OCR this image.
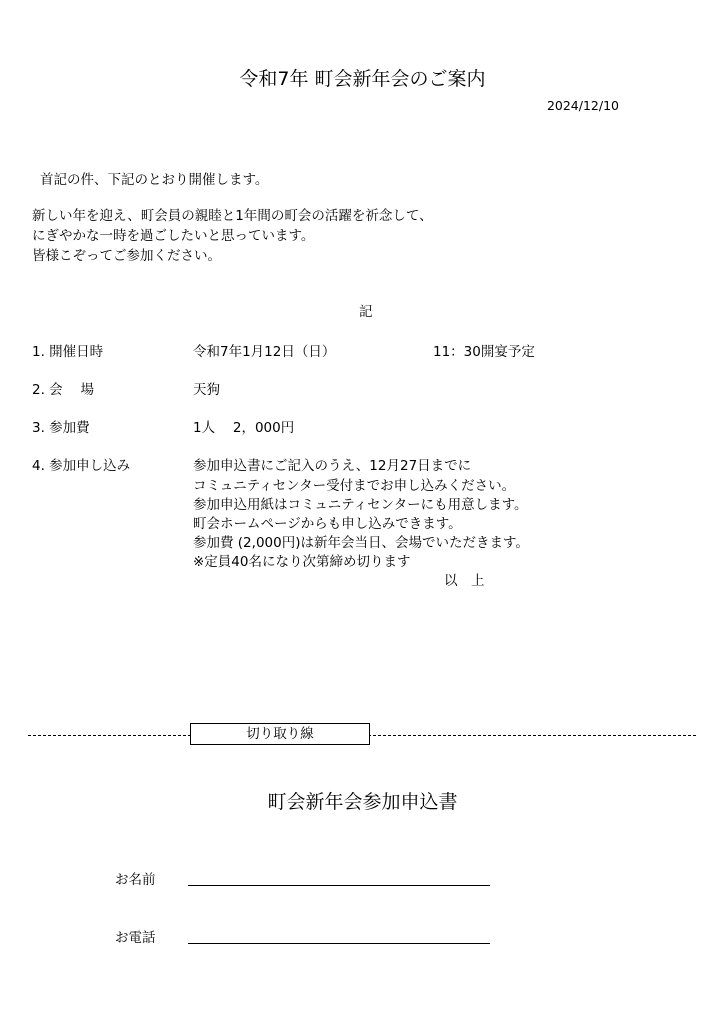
令和7年 町会新年会のご案内
2024/12/10
首記の件、下記のとおり開催します。
新しい年を迎え、町会員の親睦と1年間の町会の活躍を祈念して、
にぎやかな一時を過ごしたいと思っています。
皆様こぞってご参加ください。
記
1. 開催日時	令和7年1月12日（日）	11：30開宴予定
2. 会　 場	天狗
3. 参加費	1人　 2，000円
4. 参加申し込み	参加申込書にご記入のうえ、12月27日までに
コミュニティセンター受付までお申し込みください。
参加申込用紙はコミュニティセンターにも用意します。
町会ホームページからも申し込みできます。
参加費 (2,000円)は新年会当日、会場でいただきます。
※定員40名になり次第締め切ります
以　上
切り取り線
町会新年会参加申込書
お名前
お電話
